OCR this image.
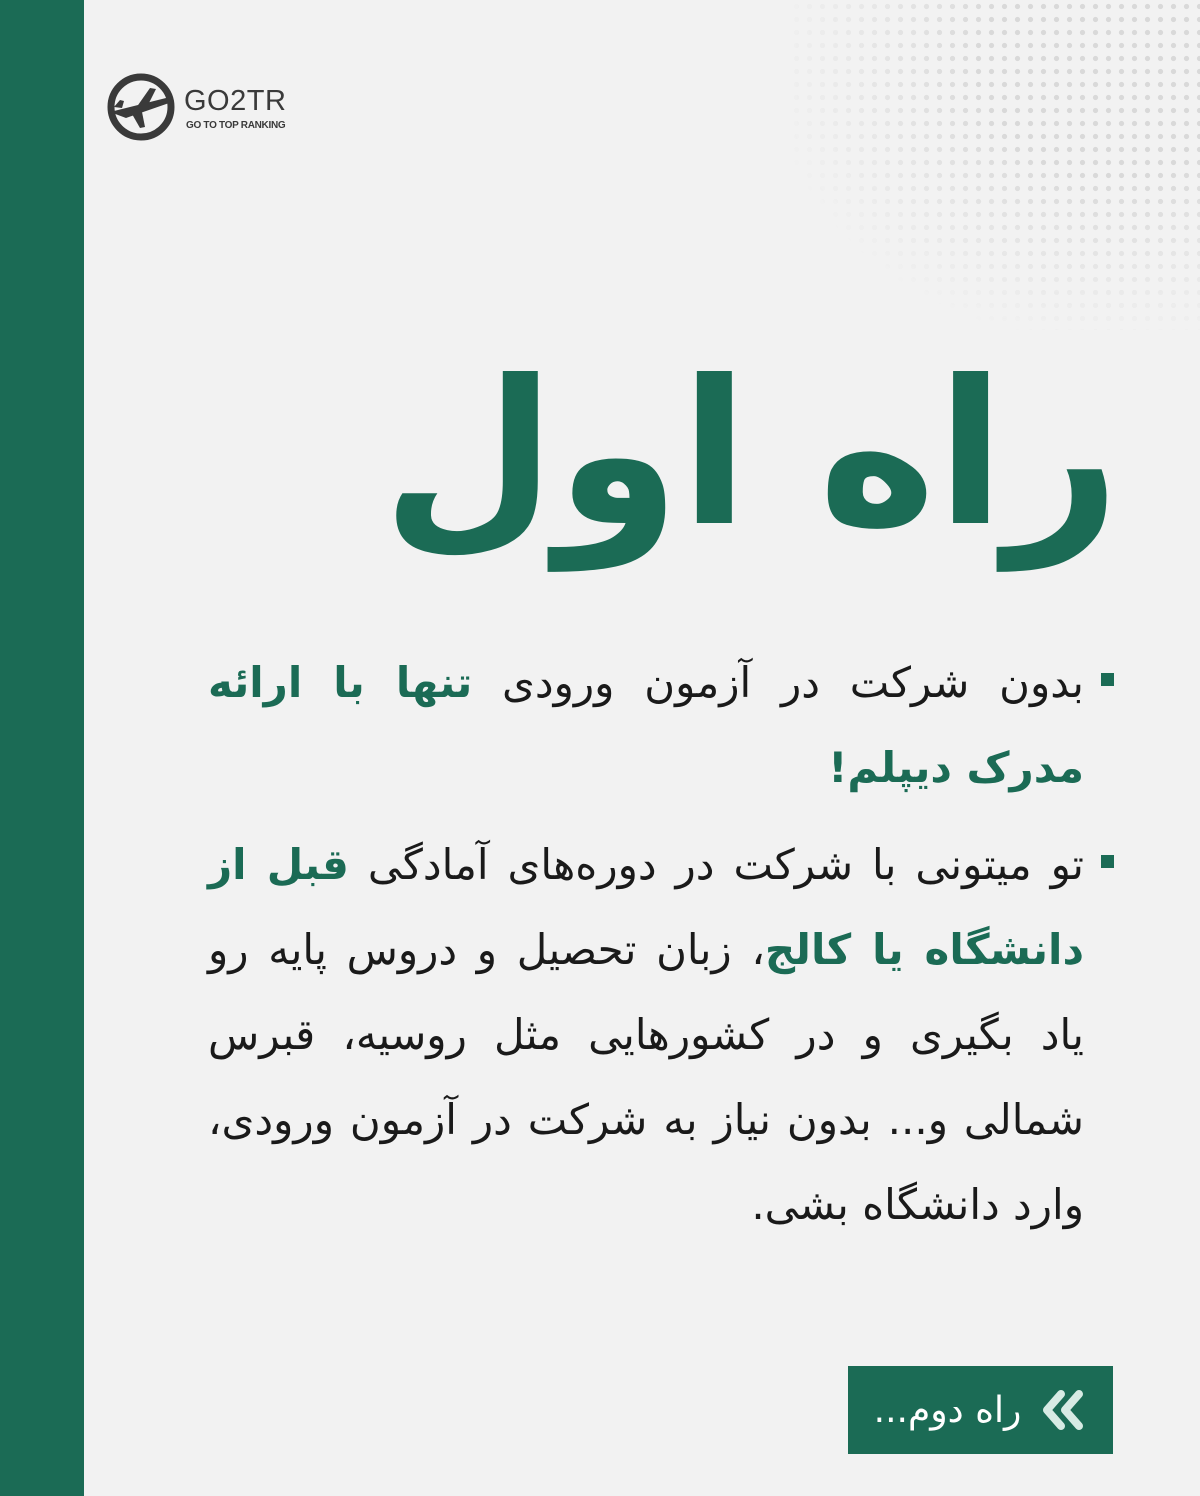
GO2TR
GO TO TOP RANKING
راه اول
بدون شرکت در آزمون ورودی تنها با ارائه مدرک دیپلم!
تو میتونی با شرکت در دوره‌های آمادگی قبل از دانشگاه یا کالج، زبان تحصیل و دروس پایه رو یاد بگیری و در کشورهایی مثل روسیه، قبرس شمالی و... بدون نیاز به شرکت در آزمون ورودی، وارد دانشگاه بشی.
راه دوم...
